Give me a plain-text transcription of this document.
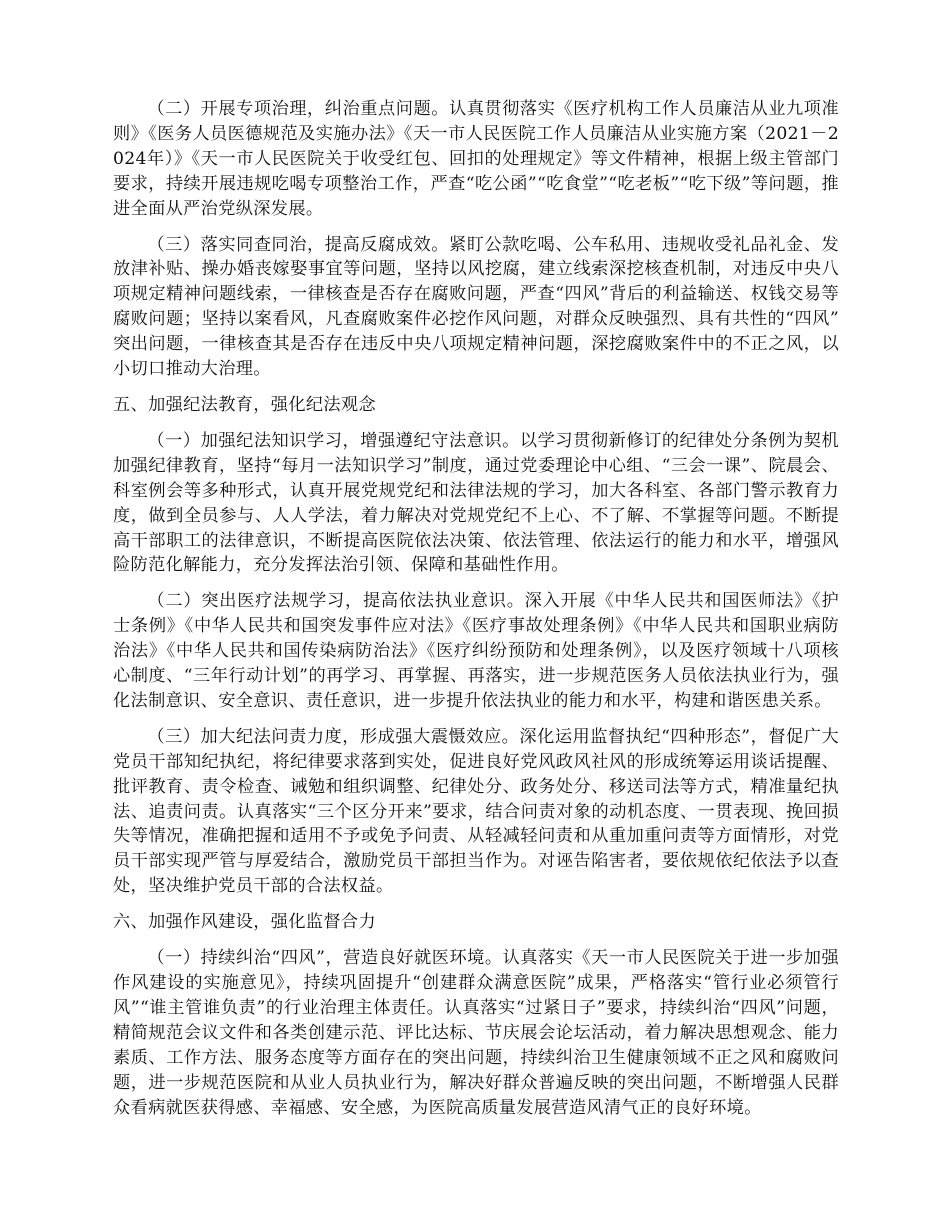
（二）开展专项治理，纠治重点问题。认真贯彻落实《医疗机构工作人员廉洁从业九项准则》《医务人员医德规范及实施办法》《天一市人民医院工作人员廉洁从业实施方案（2021－2024年）》《天一市人民医院关于收受红包、回扣的处理规定》等文件精神，根据上级主管部门要求，持续开展违规吃喝专项整治工作，严查“吃公函”“吃食堂”“吃老板”“吃下级”等问题，推进全面从严治党纵深发展。

（三）落实同查同治，提高反腐成效。紧盯公款吃喝、公车私用、违规收受礼品礼金、发放津补贴、操办婚丧嫁娶事宜等问题，坚持以风挖腐，建立线索深挖核查机制，对违反中央八项规定精神问题线索，一律核查是否存在腐败问题，严查“四风”背后的利益输送、权钱交易等腐败问题；坚持以案看风，凡查腐败案件必挖作风问题，对群众反映强烈、具有共性的“四风”突出问题，一律核查其是否存在违反中央八项规定精神问题，深挖腐败案件中的不正之风，以小切口推动大治理。

五、加强纪法教育，强化纪法观念

（一）加强纪法知识学习，增强遵纪守法意识。以学习贯彻新修订的纪律处分条例为契机加强纪律教育，坚持“每月一法知识学习”制度，通过党委理论中心组、“三会一课”、院晨会、科室例会等多种形式，认真开展党规党纪和法律法规的学习，加大各科室、各部门警示教育力度，做到全员参与、人人学法，着力解决对党规党纪不上心、不了解、不掌握等问题。不断提高干部职工的法律意识，不断提高医院依法决策、依法管理、依法运行的能力和水平，增强风险防范化解能力，充分发挥法治引领、保障和基础性作用。

（二）突出医疗法规学习，提高依法执业意识。深入开展《中华人民共和国医师法》《护士条例》《中华人民共和国突发事件应对法》《医疗事故处理条例》《中华人民共和国职业病防治法》《中华人民共和国传染病防治法》《医疗纠纷预防和处理条例》，以及医疗领域十八项核心制度、“三年行动计划”的再学习、再掌握、再落实，进一步规范医务人员依法执业行为，强化法制意识、安全意识、责任意识，进一步提升依法执业的能力和水平，构建和谐医患关系。

（三）加大纪法问责力度，形成强大震慑效应。深化运用监督执纪“四种形态”，督促广大党员干部知纪执纪，将纪律要求落到实处，促进良好党风政风社风的形成统筹运用谈话提醒、批评教育、责令检查、诫勉和组织调整、纪律处分、政务处分、移送司法等方式，精准量纪执法、追责问责。认真落实“三个区分开来”要求，结合问责对象的动机态度、一贯表现、挽回损失等情况，准确把握和适用不予或免予问责、从轻减轻问责和从重加重问责等方面情形，对党员干部实现严管与厚爱结合，激励党员干部担当作为。对诬告陷害者，要依规依纪依法予以查处，坚决维护党员干部的合法权益。

六、加强作风建设，强化监督合力

（一）持续纠治“四风”，营造良好就医环境。认真落实《天一市人民医院关于进一步加强作风建设的实施意见》，持续巩固提升“创建群众满意医院”成果，严格落实“管行业必须管行风”“谁主管谁负责”的行业治理主体责任。认真落实“过紧日子”要求，持续纠治“四风”问题，精简规范会议文件和各类创建示范、评比达标、节庆展会论坛活动，着力解决思想观念、能力素质、工作方法、服务态度等方面存在的突出问题，持续纠治卫生健康领域不正之风和腐败问题，进一步规范医院和从业人员执业行为，解决好群众普遍反映的突出问题，不断增强人民群众看病就医获得感、幸福感、安全感，为医院高质量发展营造风清气正的良好环境。
